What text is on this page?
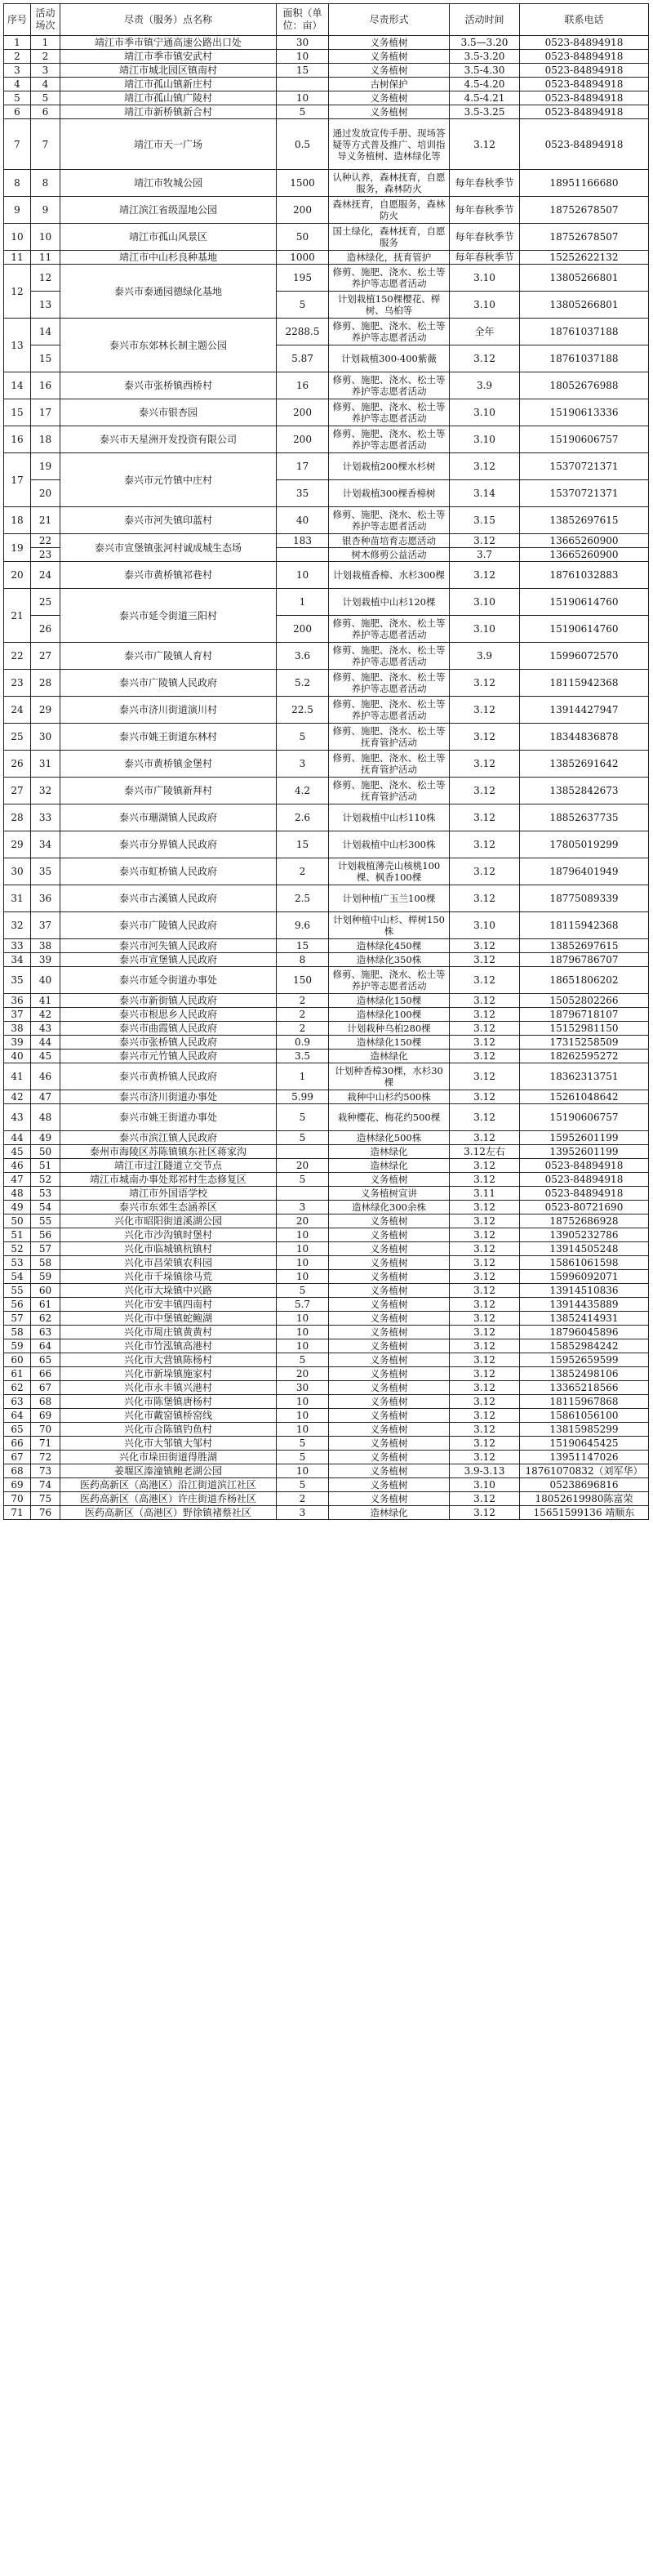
序号	活动场次	尽责（服务）点名称	面积（单位：亩）	尽责形式	活动时间	联系电话
1	1	靖江市季市镇宁通高速公路出口处	30	义务植树	3.5—3.20	0523-84894918
2	2	靖江市季市镇安武村	10	义务植树	3.5-3.20	0523-84894918
3	3	靖江市城北园区镇南村	15	义务植树	3.5-4.30	0523-84894918
4	4	靖江市孤山镇新庄村		古树保护	4.5-4.20	0523-84894918
5	5	靖江市孤山镇广陵村	10	义务植树	4.5-4.21	0523-84894918
6	6	靖江市新桥镇新合村	5	义务植树	3.5-3.25	0523-84894918
7	7	靖江市天一广场	0.5	通过发放宣传手册、现场答疑等方式普及推广、培训指导义务植树、造林绿化等	3.12	0523-84894918
8	8	靖江市牧城公园	1500	认种认养，森林抚育，自愿服务，森林防火	每年春秋季节	18951166680
9	9	靖江滨江省级湿地公园	200	森林抚育，自愿服务，森林防火	每年春秋季节	18752678507
10	10	靖江市孤山风景区	50	国土绿化，森林抚育，自愿服务	每年春秋季节	18752678507
11	11	靖江市中山杉良种基地	1000	造林绿化，抚育管护	每年春秋季节	15252622132
12	12	泰兴市泰通园德绿化基地	195	修剪、施肥、浇水、松土等养护等志愿者活动	3.10	13805266801
	13		5	计划栽植150棵樱花、榉树、乌桕等	3.10	13805266801
13	14	泰兴市东郊林长制主题公园	2288.5	修剪、施肥、浇水、松土等养护等志愿者活动	全年	18761037188
	15		5.87	计划栽植300-400紫薇	3.12	18761037188
14	16	泰兴市张桥镇西桥村	16	修剪、施肥、浇水、松土等养护等志愿者活动	3.9	18052676988
15	17	泰兴市银杏园	200	修剪、施肥、浇水、松土等养护等志愿者活动	3.10	15190613336
16	18	泰兴市天星洲开发投资有限公司	200	修剪、施肥、浇水、松土等养护等志愿者活动	3.10	15190606757
17	19	泰兴市元竹镇中庄村	17	计划栽植200棵水杉树	3.12	15370721371
	20		35	计划栽植300棵香樟树	3.14	15370721371
18	21	泰兴市河失镇印蓝村	40	修剪、施肥、浇水、松土等养护等志愿者活动	3.15	13852697615
19	22	泰兴市宣堡镇张河村诚成城生态场	183	银杏种苗培育志愿活动	3.12	13665260900
	23			树木修剪公益活动	3.7	13665260900
20	24	泰兴市黄桥镇祁巷村	10	计划栽植香樟、水杉300棵	3.12	18761032883
21	25	泰兴市延令街道三阳村	1	计划栽植中山杉120棵	3.10	15190614760
	26		200	修剪、施肥、浇水、松土等养护等志愿者活动	3.10	15190614760
22	27	泰兴市广陵镇人育村	3.6	修剪、施肥、浇水、松土等养护等志愿者活动	3.9	15996072570
23	28	泰兴市广陵镇人民政府	5.2	修剪、施肥、浇水、松土等养护等志愿者活动	3.12	18115942368
24	29	泰兴市济川街道演川村	22.5	修剪、施肥、浇水、松土等养护等志愿者活动	3.12	13914427947
25	30	泰兴市姚王街道东林村	5	修剪、施肥、浇水、松土等抚育管护活动	3.12	18344836878
26	31	泰兴市黄桥镇金堡村	3	修剪、施肥、浇水、松土等抚育管护活动	3.12	13852691642
27	32	泰兴市广陵镇新拜村	4.2	修剪、施肥、浇水、松土等抚育管护活动	3.12	13852842673
28	33	泰兴市珊湖镇人民政府	2.6	计划栽植中山杉110株	3.12	18852637735
29	34	泰兴市分界镇人民政府	15	计划栽植中山杉300株	3.12	17805019299
30	35	泰兴市虹桥镇人民政府	2	计划栽植薄壳山核桃100棵、枫香100棵	3.12	18796401949
31	36	泰兴市古溪镇人民政府	2.5	计划种植广玉兰100棵	3.12	18775089339
32	37	泰兴市广陵镇人民政府	9.6	计划种植中山杉、榉树150株	3.10	18115942368
33	38	泰兴市河失镇人民政府	15	造林绿化450棵	3.12	13852697615
34	39	泰兴市宣堡镇人民政府	8	造林绿化350株	3.12	18796786707
35	40	泰兴市延令街道办事处	150	修剪、施肥、浇水、松土等养护等志愿者活动	3.12	18651806202
36	41	泰兴市新街镇人民政府	2	造林绿化150棵	3.12	15052802266
37	42	泰兴市根思乡人民政府	2	造林绿化100棵	3.12	18796718107
38	43	泰兴市曲霞镇人民政府	2	计划栽种乌桕280棵	3.12	15152981150
39	44	泰兴市张桥镇人民政府	0.9	造林绿化150棵	3.12	17315258509
40	45	泰兴市元竹镇人民政府	3.5	造林绿化	3.12	18262595272
41	46	泰兴市黄桥镇人民政府	1	计划种香樟30棵，水杉30棵	3.12	18362313751
42	47	泰兴市济川街道办事处	5.99	栽种中山杉约500株	3.12	15261048642
43	48	泰兴市姚王街道办事处	5	栽种樱花、梅花约500棵	3.12	15190606757
44	49	泰兴市滨江镇人民政府	5	造林绿化500株	3.12	15952601199
45	50	泰州市海陵区苏陈镇镇东社区蒋家沟		造林绿化	3.12左右	13952601199
46	51	靖江市过江隧道立交节点	20	造林绿化	3.12	0523-84894918
47	52	靖江市城南办事处郑祁村生态修复区	5	义务植树	3.12	0523-84894918
48	53	靖江市外国语学校		义务植树宣讲	3.11	0523-84894918
49	54	泰兴市东郊生态涵养区	3	造林绿化300余株	3.12	0523-80721690
50	55	兴化市昭阳街道溪湖公园	20	义务植树	3.12	18752686928
51	56	兴化市沙沟镇时堡村	10	义务植树	3.12	13905232786
52	57	兴化市临城镇杭镇村	10	义务植树	3.12	13914505248
53	58	兴化市昌荣镇农科园	10	义务植树	3.12	15861061598
54	59	兴化市千垛镇徐马荒	10	义务植树	3.12	15996092071
55	60	兴化市大垛镇中兴路	5	义务植树	3.12	13914510836
56	61	兴化市安丰镇四南村	5.7	义务植树	3.12	13914435889
57	62	兴化市中堡镇蛇鲍湖	10	义务植树	3.12	13852414931
58	63	兴化市周庄镇黄黄村	10	义务植树	3.12	18796045896
59	64	兴化市竹泓镇高港村	10	义务植树	3.12	15852984242
60	65	兴化市大营镇陈杨村	5	义务植树	3.12	15952659599
61	66	兴化市新垛镇施家村	20	义务植树	3.12	13852498106
62	67	兴化市永丰镇兴港村	30	义务植树	3.12	13365218566
63	68	兴化市陈堡镇唐杨村	10	义务植树	3.12	18115967868
64	69	兴化市戴窑镇桥窑线	10	义务植树	3.12	15861056100
65	70	兴化市合陈镇钓鱼村	10	义务植树	3.12	13815985299
66	71	兴化市大邹镇大邹村	5	义务植树	3.12	15190645425
67	72	兴化市垛田街道得胜湖	5	义务植树	3.12	13951147026
68	73	姜堰区溱潼镇鲍老湖公园	10	义务植树	3.9-3.13	18761070832（刘军华）
69	74	医药高新区（高港区）沿江街道滨江社区	5	义务植树	3.10	05238696816
70	75	医药高新区（高港区）许庄街道乔杨社区	2	义务植树	3.12	18052619980陈富荣
71	76	医药高新区（高港区）野徐镇褚蔡社区	3	造林绿化	3.12	15651599136 靖顺东
